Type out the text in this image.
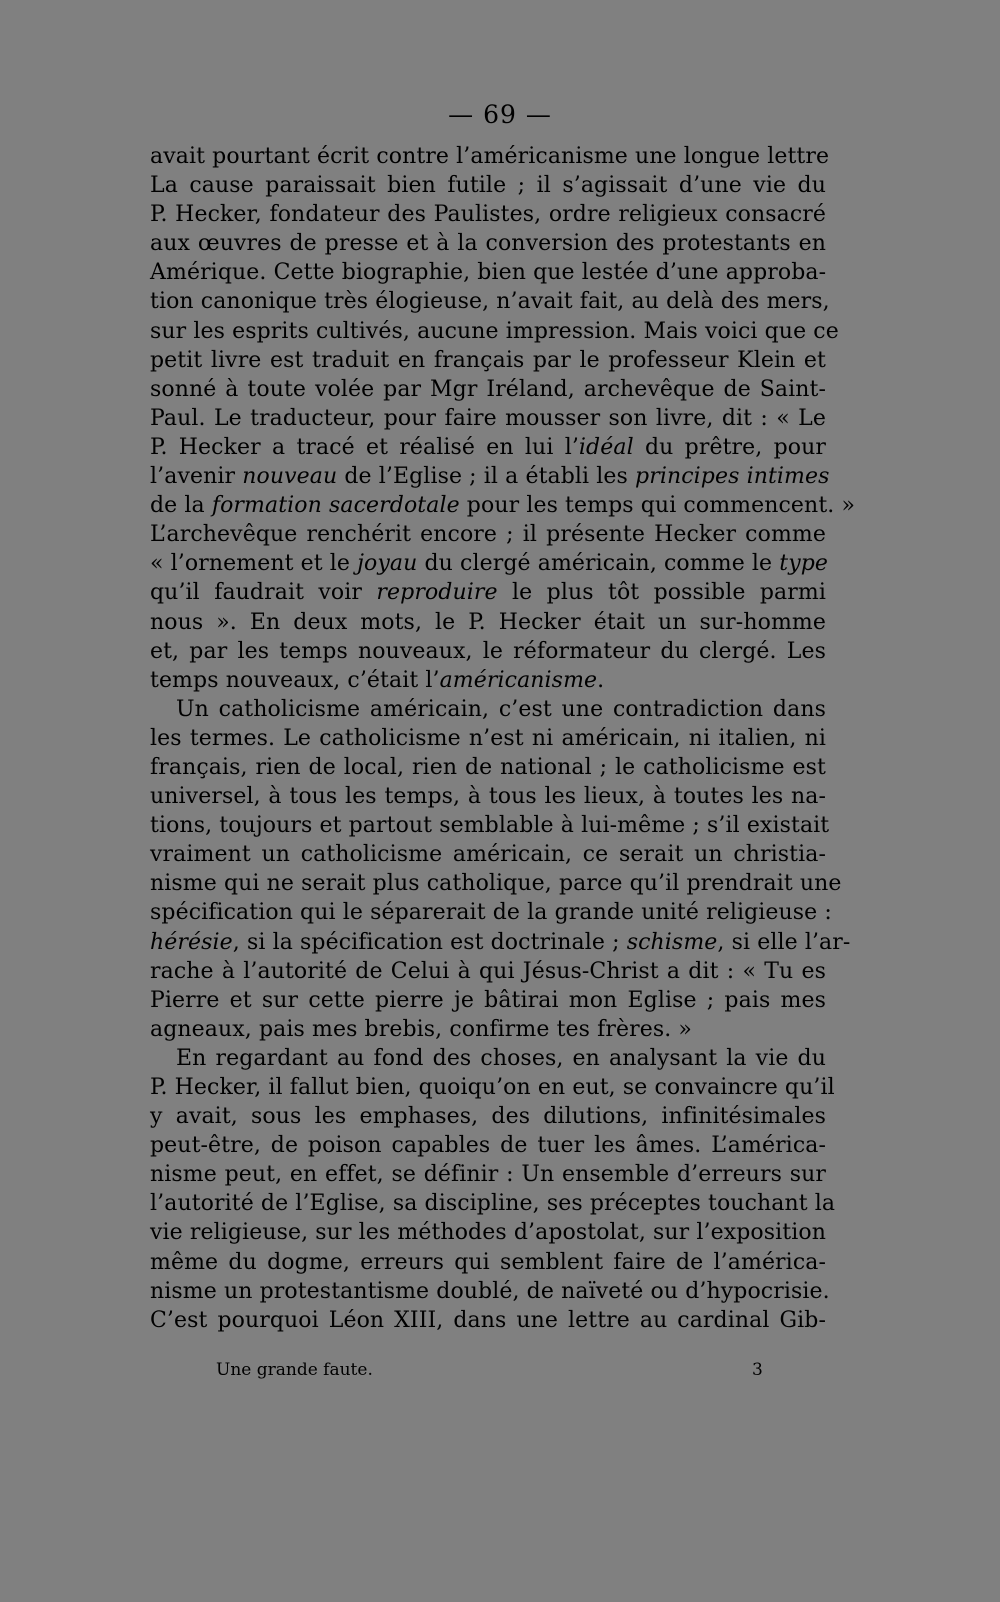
— 69 —
avait pourtant écrit contre l’américanisme une longue lettre
La cause paraissait bien futile ; il s’agissait d’une vie du
P. Hecker, fondateur des Paulistes, ordre religieux consacré
aux œuvres de presse et à la conversion des protestants en
Amérique. Cette biographie, bien que lestée d’une approba-
tion canonique très élogieuse, n’avait fait, au delà des mers,
sur les esprits cultivés, aucune impression. Mais voici que ce
petit livre est traduit en français par le professeur Klein et
sonné à toute volée par Mgr Iréland, archevêque de Saint-
Paul. Le traducteur, pour faire mousser son livre, dit : « Le
P. Hecker a tracé et réalisé en lui l’idéal du prêtre, pour
l’avenir nouveau de l’Eglise ; il a établi les principes intimes
de la formation sacerdotale pour les temps qui commencent. »
L’archevêque renchérit encore ; il présente Hecker comme
« l’ornement et le joyau du clergé américain, comme le type
qu’il faudrait voir reproduire le plus tôt possible parmi
nous ». En deux mots, le P. Hecker était un sur-homme
et, par les temps nouveaux, le réformateur du clergé. Les
temps nouveaux, c’était l’américanisme.
Un catholicisme américain, c’est une contradiction dans
les termes. Le catholicisme n’est ni américain, ni italien, ni
français, rien de local, rien de national ; le catholicisme est
universel, à tous les temps, à tous les lieux, à toutes les na-
tions, toujours et partout semblable à lui-même ; s’il existait
vraiment un catholicisme américain, ce serait un christia-
nisme qui ne serait plus catholique, parce qu’il prendrait une
spécification qui le séparerait de la grande unité religieuse :
hérésie, si la spécification est doctrinale ; schisme, si elle l’ar-
rache à l’autorité de Celui à qui Jésus-Christ a dit : « Tu es
Pierre et sur cette pierre je bâtirai mon Eglise ; pais mes
agneaux, pais mes brebis, confirme tes frères. »
En regardant au fond des choses, en analysant la vie du
P. Hecker, il fallut bien, quoiqu’on en eut, se convaincre qu’il
y avait, sous les emphases, des dilutions, infinitésimales
peut-être, de poison capables de tuer les âmes. L’américa-
nisme peut, en effet, se définir : Un ensemble d’erreurs sur
l’autorité de l’Eglise, sa discipline, ses préceptes touchant la
vie religieuse, sur les méthodes d’apostolat, sur l’exposition
même du dogme, erreurs qui semblent faire de l’américa-
nisme un protestantisme doublé, de naïveté ou d’hypocrisie.
C’est pourquoi Léon XIII, dans une lettre au cardinal Gib-
Une grande faute.	3
